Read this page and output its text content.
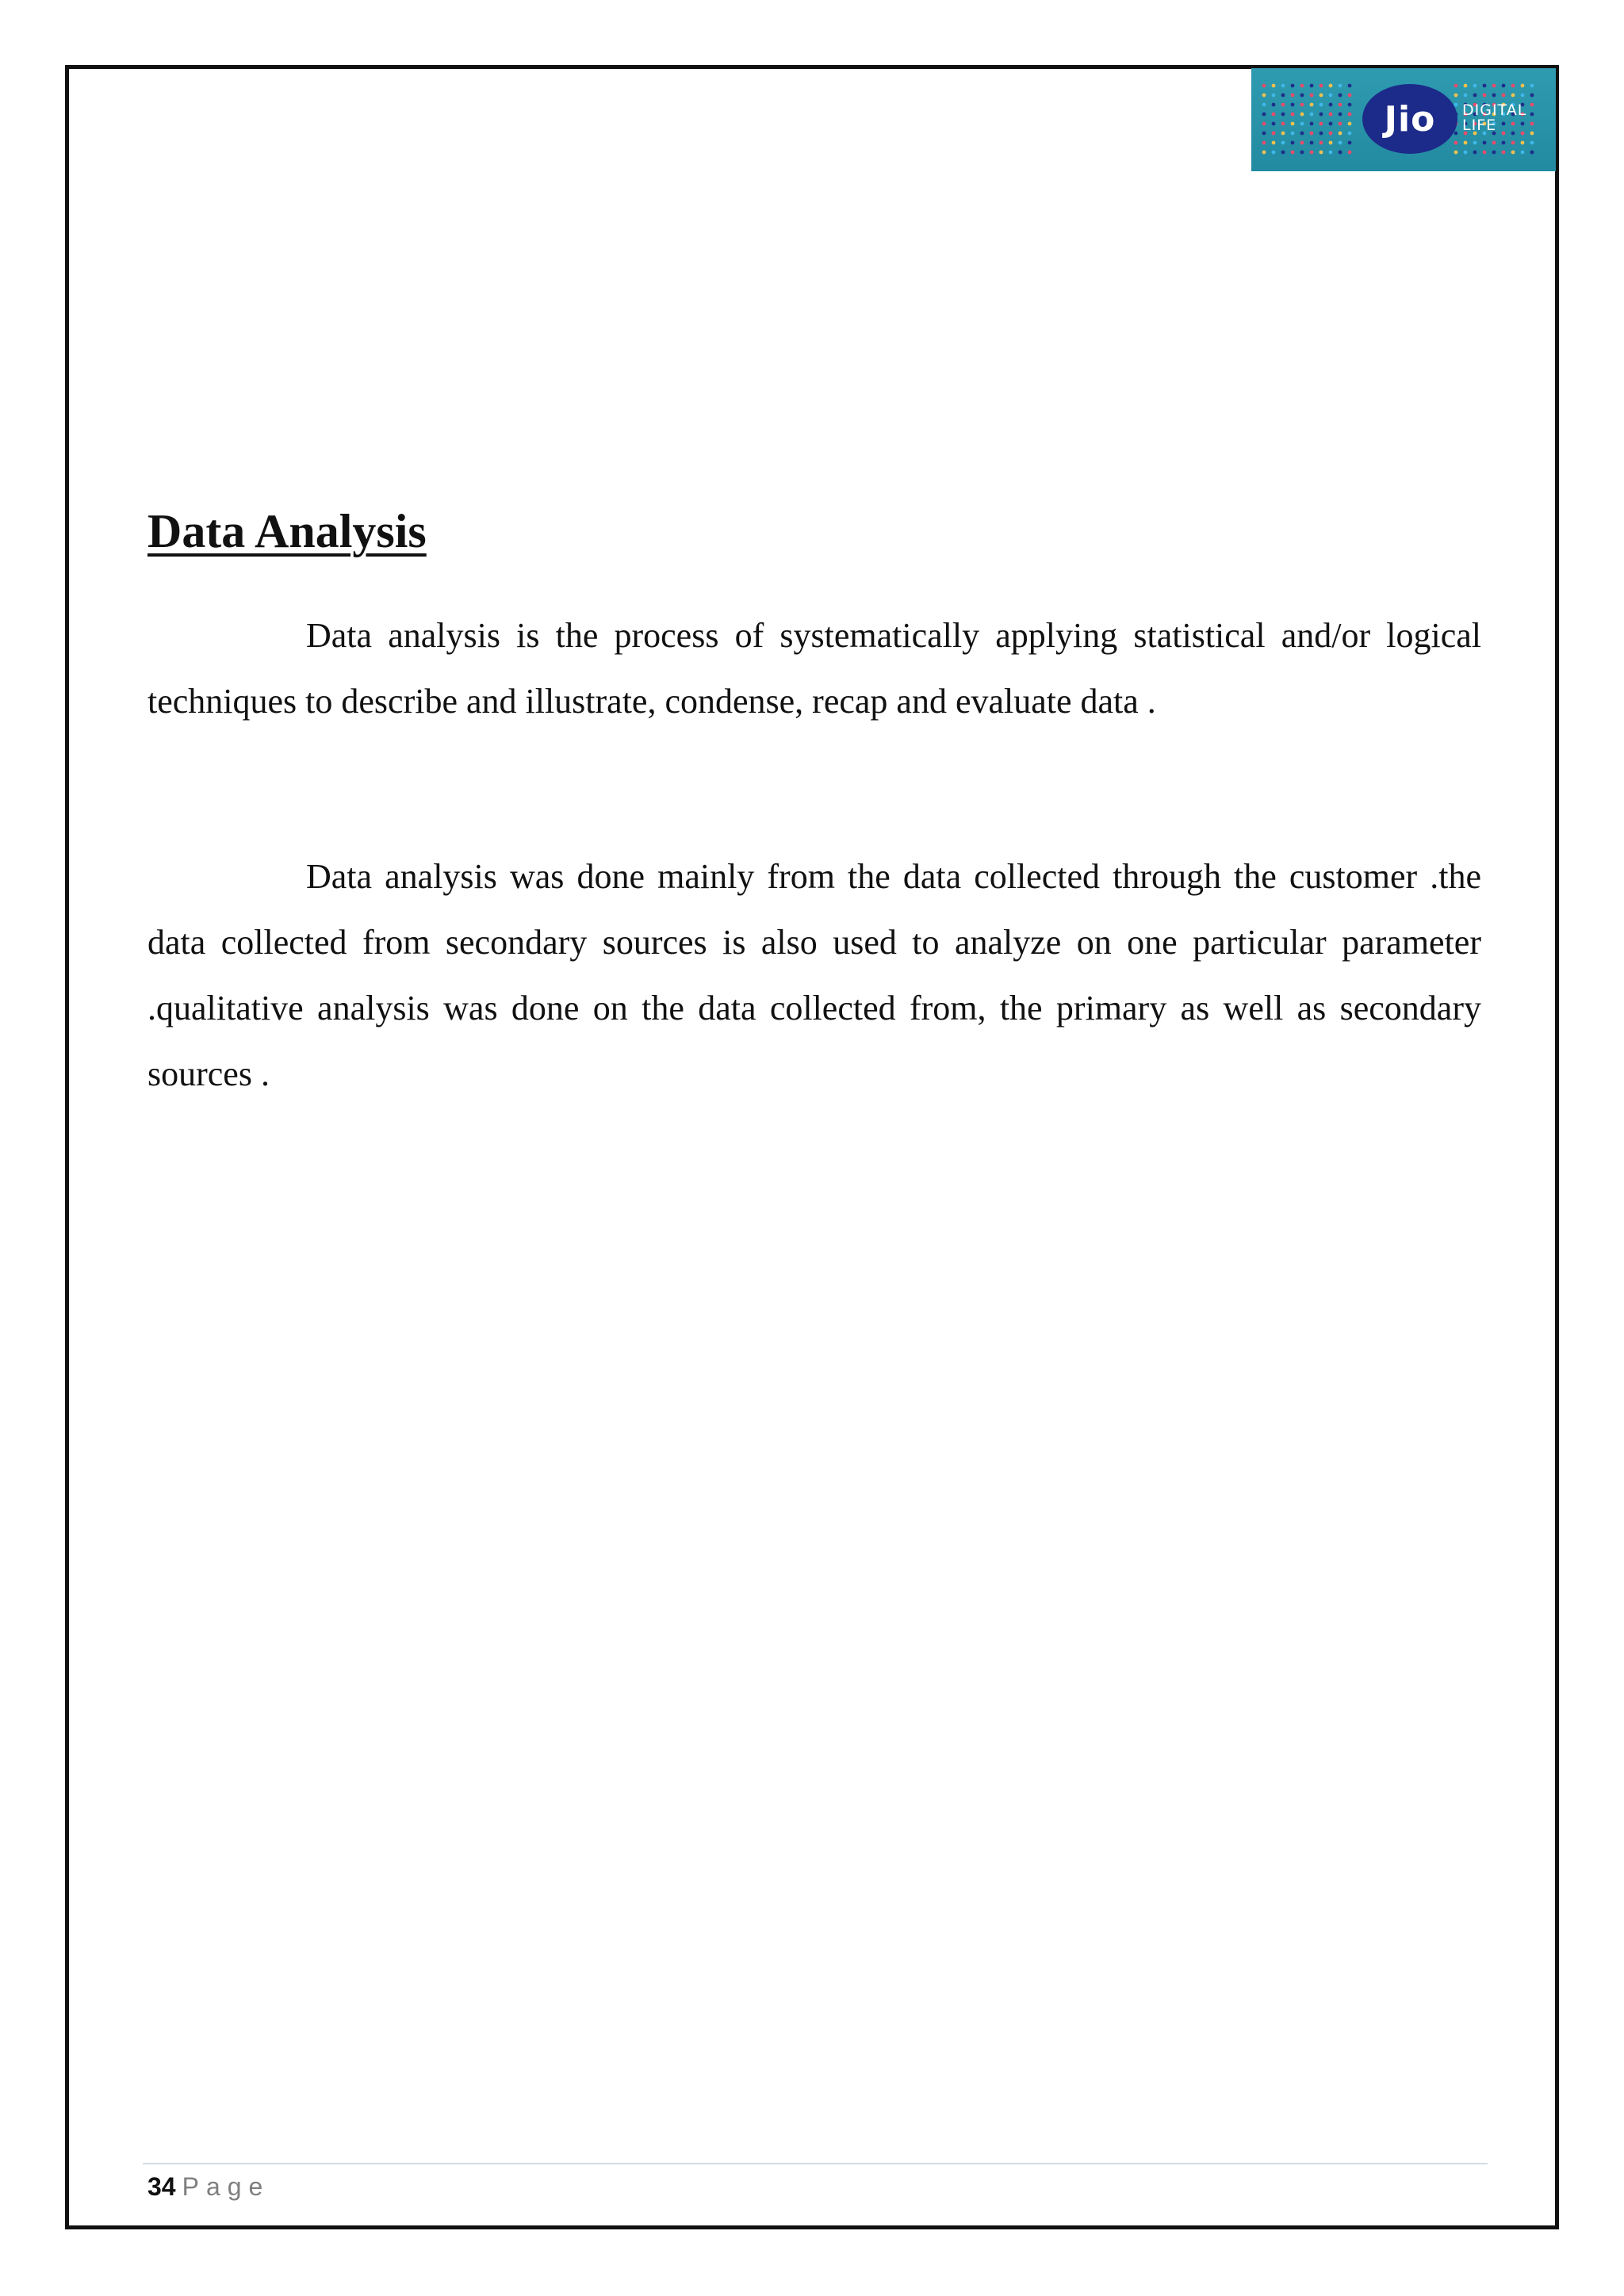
Jio	DIGITAL
LIFE
Data Analysis

Data analysis is the process of systematically applying statistical and/or logical techniques to describe and illustrate, condense, recap and evaluate data .

Data analysis was done mainly from the data collected through the customer .the data collected from secondary sources is also used to analyze on one particular parameter .qualitative analysis was done on the data collected from, the primary as well as secondary sources .

34 Page
